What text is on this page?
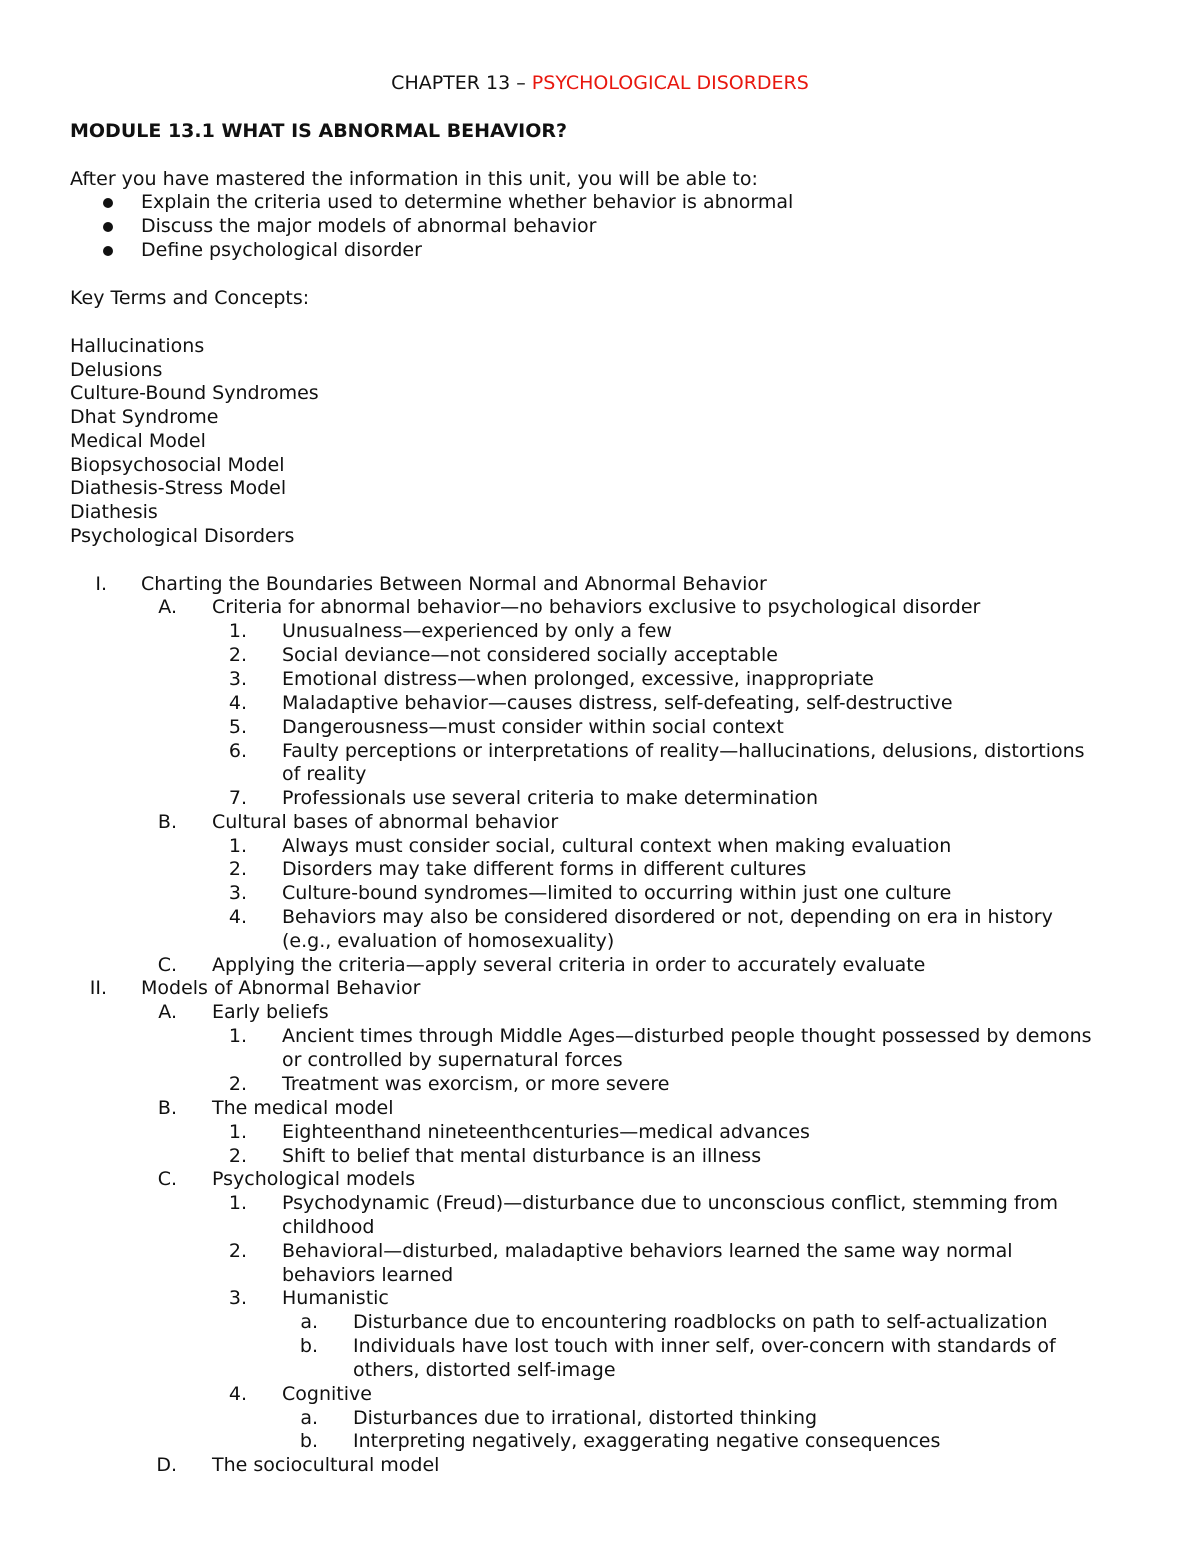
CHAPTER 13 – PSYCHOLOGICAL DISORDERS
MODULE 13.1 WHAT IS ABNORMAL BEHAVIOR?
After you have mastered the information in this unit, you will be able to:
Explain the criteria used to determine whether behavior is abnormal
Discuss the major models of abnormal behavior
Define psychological disorder
Key Terms and Concepts:
Hallucinations
Delusions
Culture-Bound Syndromes
Dhat Syndrome
Medical Model
Biopsychosocial Model
Diathesis-Stress Model
Diathesis
Psychological Disorders
I. Charting the Boundaries Between Normal and Abnormal Behavior
A. Criteria for abnormal behavior—no behaviors exclusive to psychological disorder
1. Unusualness—experienced by only a few
2. Social deviance—not considered socially acceptable
3. Emotional distress—when prolonged, excessive, inappropriate
4. Maladaptive behavior—causes distress, self-defeating, self-destructive
5. Dangerousness—must consider within social context
6. Faulty perceptions or interpretations of reality—hallucinations, delusions, distortions
of reality
7. Professionals use several criteria to make determination
B. Cultural bases of abnormal behavior
1. Always must consider social, cultural context when making evaluation
2. Disorders may take different forms in different cultures
3. Culture-bound syndromes—limited to occurring within just one culture
4. Behaviors may also be considered disordered or not, depending on era in history
(e.g., evaluation of homosexuality)
C. Applying the criteria—apply several criteria in order to accurately evaluate
II. Models of Abnormal Behavior
A. Early beliefs
1. Ancient times through Middle Ages—disturbed people thought possessed by demons
or controlled by supernatural forces
2. Treatment was exorcism, or more severe
B. The medical model
1. Eighteenthand nineteenthcenturies—medical advances
2. Shift to belief that mental disturbance is an illness
C. Psychological models
1. Psychodynamic (Freud)—disturbance due to unconscious conflict, stemming from
childhood
2. Behavioral—disturbed, maladaptive behaviors learned the same way normal
behaviors learned
3. Humanistic
a. Disturbance due to encountering roadblocks on path to self-actualization
b. Individuals have lost touch with inner self, over-concern with standards of
others, distorted self-image
4. Cognitive
a. Disturbances due to irrational, distorted thinking
b. Interpreting negatively, exaggerating negative consequences
D. The sociocultural model
